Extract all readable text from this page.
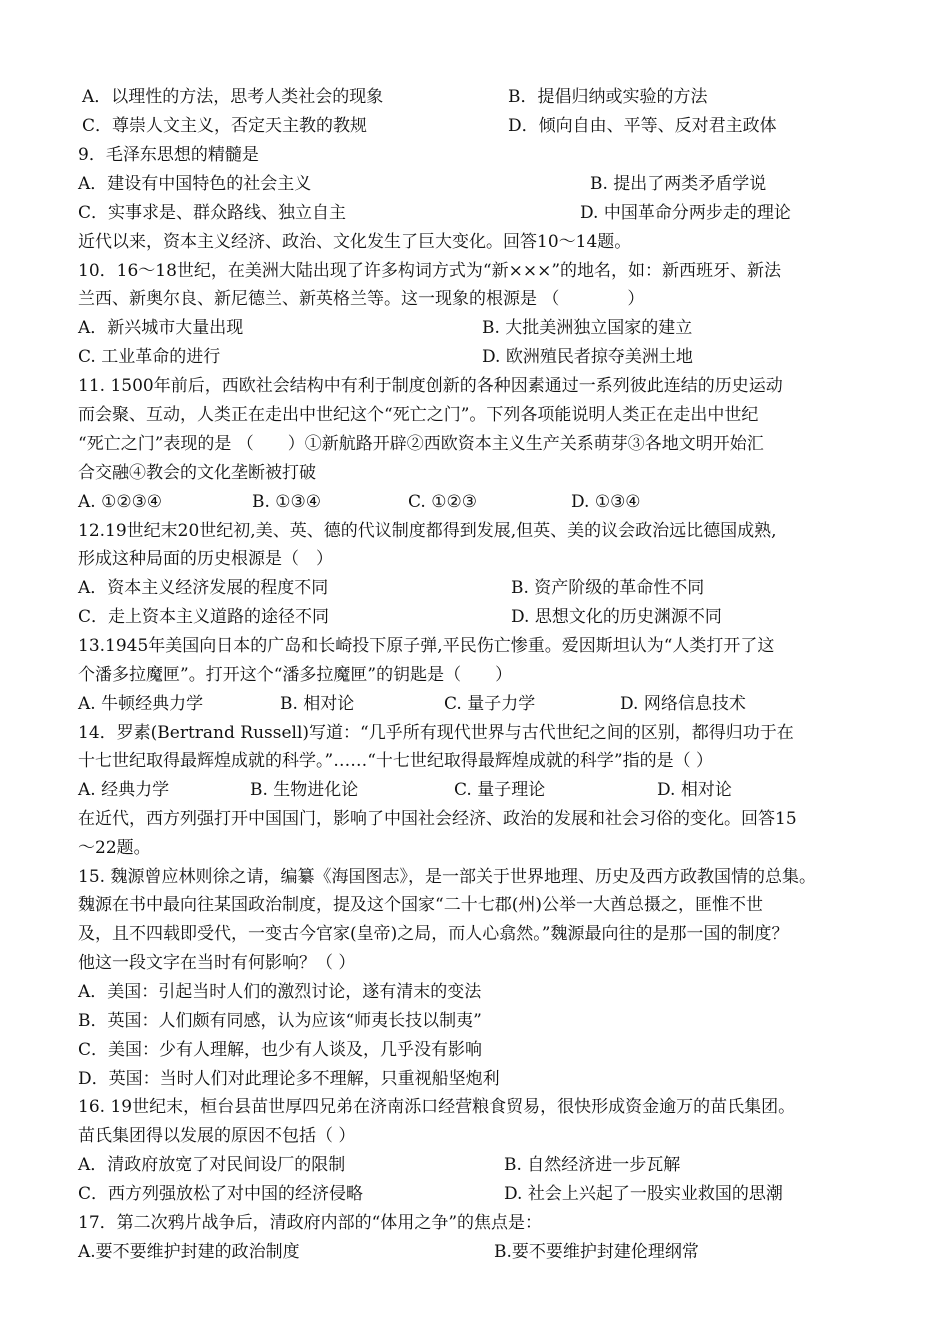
A．以理性的方法，思考人类社会的现象	B．提倡归纳或实验的方法
C．尊崇人文主义，否定天主教的教规	D．倾向自由、平等、反对君主政体
9．毛泽东思想的精髓是
A．建设有中国特色的社会主义	B. 提出了两类矛盾学说
C．实事求是、群众路线、独立自主	D. 中国革命分两步走的理论
近代以来，资本主义经济、政治、文化发生了巨大变化。回答10～14题。
10．16～18世纪，在美洲大陆出现了许多构词方式为“新×××”的地名，如：新西班牙、新法
兰西、新奥尔良、新尼德兰、新英格兰等。这一现象的根源是 （　　　　）
A．新兴城市大量出现	B. 大批美洲独立国家的建立
C. 工业革命的进行	D. 欧洲殖民者掠夺美洲土地
11. 1500年前后，西欧社会结构中有利于制度创新的各种因素通过一系列彼此连结的历史运动
而会聚、互动，人类正在走出中世纪这个“死亡之门”。下列各项能说明人类正在走出中世纪
“死亡之门”表现的是 （　　）①新航路开辟②西欧资本主义生产关系萌芽③各地文明开始汇
合交融④教会的文化垄断被打破
A. ①②③④	B. ①③④	C. ①②③	D. ①③④
12.19世纪末20世纪初,美、英、德的代议制度都得到发展,但英、美的议会政治远比德国成熟,
形成这种局面的历史根源是（　）
A．资本主义经济发展的程度不同	B. 资产阶级的革命性不同
C．走上资本主义道路的途径不同	D. 思想文化的历史渊源不同
13.1945年美国向日本的广岛和长崎投下原子弹,平民伤亡惨重。爱因斯坦认为“人类打开了这
个潘多拉魔匣”。打开这个“潘多拉魔匣”的钥匙是（　　）
A. 牛顿经典力学	B. 相对论	C. 量子力学	D. 网络信息技术
14．罗素(Bertrand Russell)写道：“几乎所有现代世界与古代世纪之间的区别，都得归功于在
十七世纪取得最辉煌成就的科学。”……“十七世纪取得最辉煌成就的科学”指的是（ ）
A. 经典力学	B. 生物进化论	C. 量子理论	D. 相对论
在近代，西方列强打开中国国门，影响了中国社会经济、政治的发展和社会习俗的变化。回答15
～22题。
15. 魏源曾应林则徐之请，编纂《海国图志》，是一部关于世界地理、历史及西方政教国情的总集。
魏源在书中最向往某国政治制度，提及这个国家“二十七郡(州)公举一大酋总摄之，匪惟不世
及，且不四载即受代，一变古今官家(皇帝)之局，而人心翕然。”魏源最向往的是那一国的制度？
他这一段文字在当时有何影响？（ ）
A．美国：引起当时人们的激烈讨论，遂有清末的变法
B．英国：人们颇有同感，认为应该“师夷长技以制夷”
C．美国：少有人理解，也少有人谈及，几乎没有影响
D．英国：当时人们对此理论多不理解，只重视船坚炮利
16. 19世纪末，桓台县苗世厚四兄弟在济南泺口经营粮食贸易，很快形成资金逾万的苗氏集团。
苗氏集团得以发展的原因不包括（ ）
A．清政府放宽了对民间设厂的限制	B. 自然经济进一步瓦解
C．西方列强放松了对中国的经济侵略	D. 社会上兴起了一股实业救国的思潮
17．第二次鸦片战争后，清政府内部的“体用之争”的焦点是：
A.要不要维护封建的政治制度	B.要不要维护封建伦理纲常
